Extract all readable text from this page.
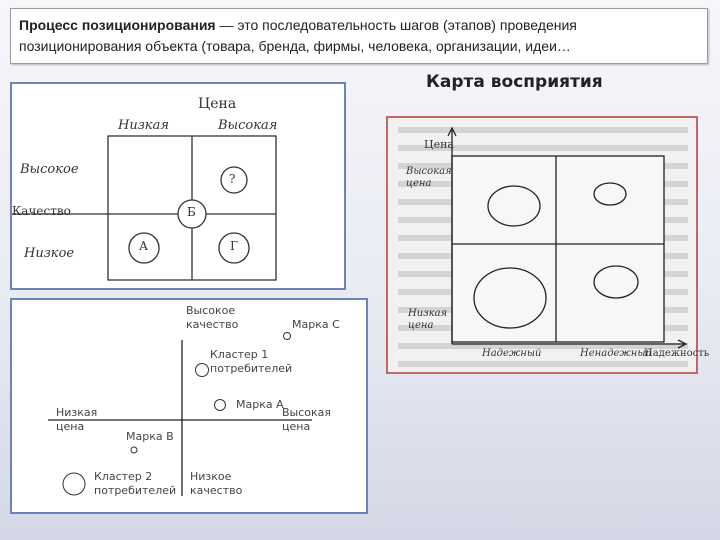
Процесс позиционирования — это последовательность шагов (этапов) проведения позиционирования объекта (товара, бренда, фирмы, человека, организации, идеи…
Карта восприятия
Цена
Низкая	Высокая
Высокое
Качество
Низкое
?
Б
А	Г
Высокое
качество	Марка С
Кластер 1
потребителей
Низкая
цена
Марка А
Высокая
цена
Марка В
Кластер 2
потребителей
Низкое
качество
Цена
Высокая
цена
Низкая
цена
Надежный	Ненадежный
Надежность
